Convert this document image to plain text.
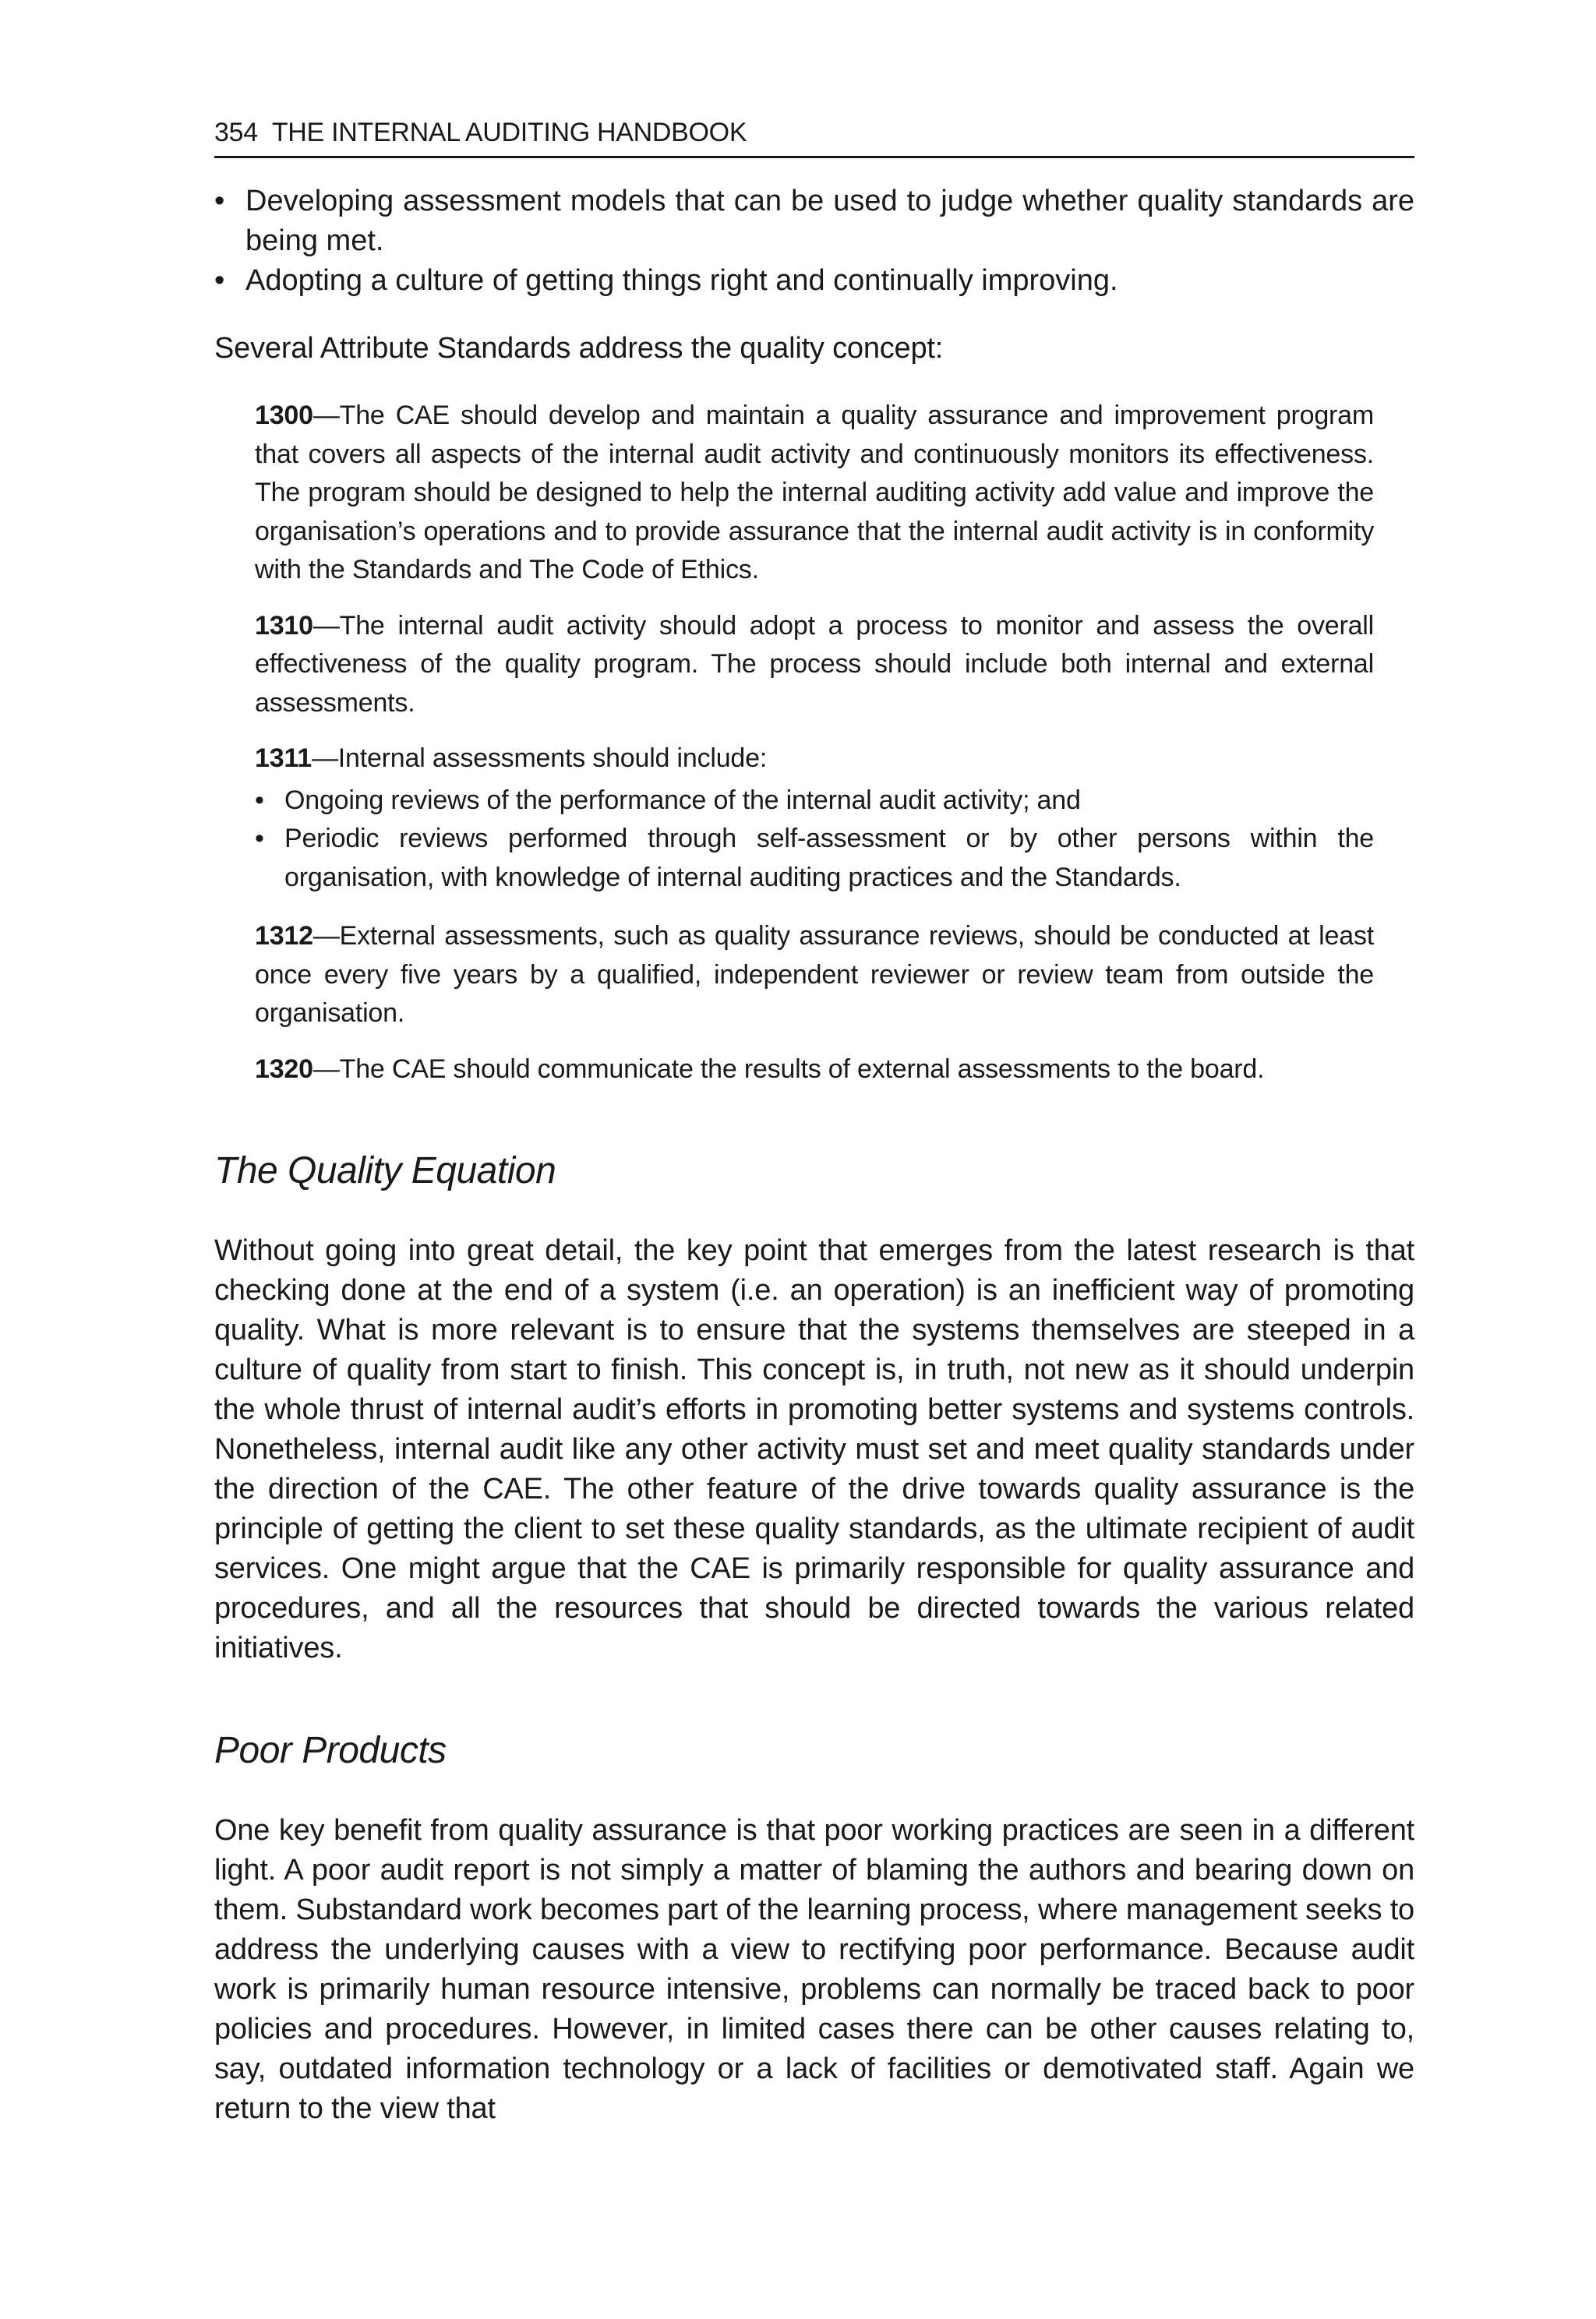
354 THE INTERNAL AUDITING HANDBOOK
• Developing assessment models that can be used to judge whether quality standards are being met.
• Adopting a culture of getting things right and continually improving.

Several Attribute Standards address the quality concept:

1300—The CAE should develop and maintain a quality assurance and improvement program that covers all aspects of the internal audit activity and continuously monitors its effectiveness. The program should be designed to help the internal auditing activity add value and improve the organisation’s operations and to provide assurance that the internal audit activity is in conformity with the Standards and The Code of Ethics.

1310—The internal audit activity should adopt a process to monitor and assess the overall effectiveness of the quality program. The process should include both internal and external assessments.

1311—Internal assessments should include:

• Ongoing reviews of the performance of the internal audit activity; and
• Periodic reviews performed through self-assessment or by other persons within the organisation, with knowledge of internal auditing practices and the Standards.

1312—External assessments, such as quality assurance reviews, should be conducted at least once every five years by a qualified, independent reviewer or review team from outside the organisation.

1320—The CAE should communicate the results of external assessments to the board.

The Quality Equation

Without going into great detail, the key point that emerges from the latest research is that checking done at the end of a system (i.e. an operation) is an inefficient way of promoting quality. What is more relevant is to ensure that the systems themselves are steeped in a culture of quality from start to finish. This concept is, in truth, not new as it should underpin the whole thrust of internal audit’s efforts in promoting better systems and systems controls. Nonetheless, internal audit like any other activity must set and meet quality standards under the direction of the CAE. The other feature of the drive towards quality assurance is the principle of getting the client to set these quality standards, as the ultimate recipient of audit services. One might argue that the CAE is primarily responsible for quality assurance and procedures, and all the resources that should be directed towards the various related initiatives.

Poor Products

One key benefit from quality assurance is that poor working practices are seen in a different light. A poor audit report is not simply a matter of blaming the authors and bearing down on them. Substandard work becomes part of the learning process, where management seeks to address the underlying causes with a view to rectifying poor performance. Because audit work is primarily human resource intensive, problems can normally be traced back to poor policies and procedures. However, in limited cases there can be other causes relating to, say, outdated information technology or a lack of facilities or demotivated staff. Again we return to the view that
